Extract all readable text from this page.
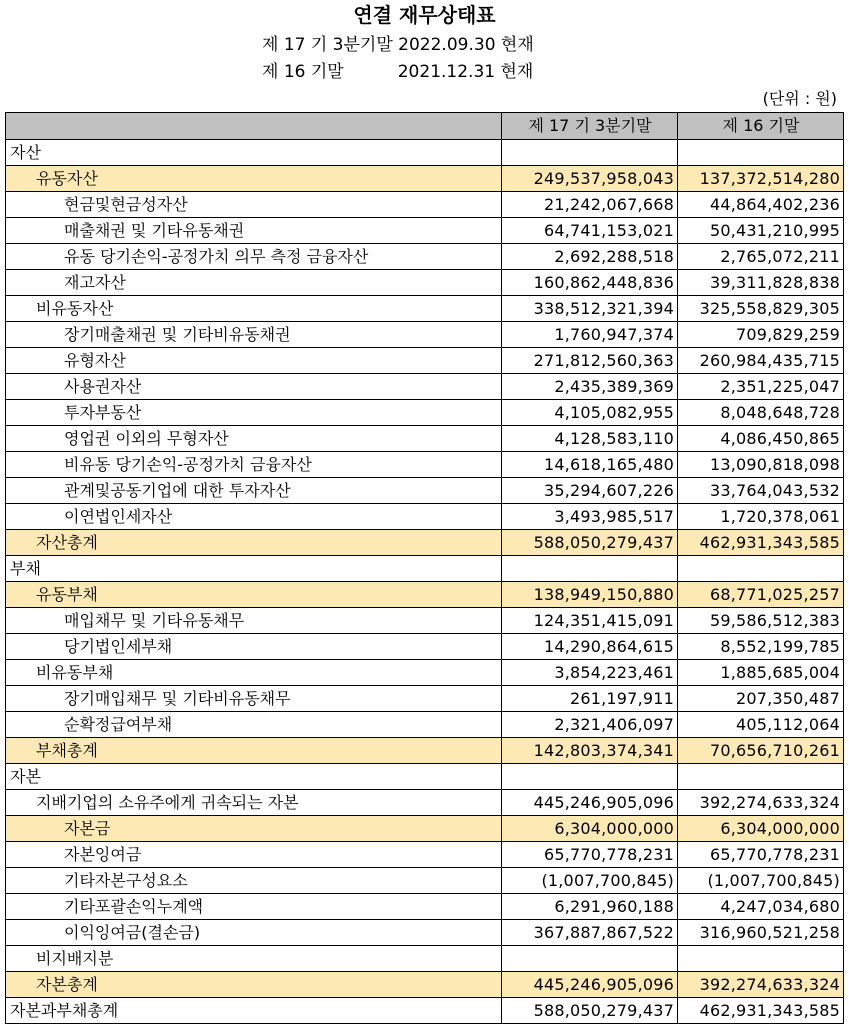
연결 재무상태표
제 17 기 3분기말 2022.09.30 현재
제 16 기말          2021.12.31 현재
(단위 : 원)
	제 17 기 3분기말	제 16 기말
자산		
유동자산	249,537,958,043	137,372,514,280
현금및현금성자산	21,242,067,668	44,864,402,236
매출채권 및 기타유동채권	64,741,153,021	50,431,210,995
유동 당기손익-공정가치 의무 측정 금융자산	2,692,288,518	2,765,072,211
재고자산	160,862,448,836	39,311,828,838
비유동자산	338,512,321,394	325,558,829,305
장기매출채권 및 기타비유동채권	1,760,947,374	709,829,259
유형자산	271,812,560,363	260,984,435,715
사용권자산	2,435,389,369	2,351,225,047
투자부동산	4,105,082,955	8,048,648,728
영업권 이외의 무형자산	4,128,583,110	4,086,450,865
비유동 당기손익-공정가치 금융자산	14,618,165,480	13,090,818,098
관계및공동기업에 대한 투자자산	35,294,607,226	33,764,043,532
이연법인세자산	3,493,985,517	1,720,378,061
자산총계	588,050,279,437	462,931,343,585
부채		
유동부채	138,949,150,880	68,771,025,257
매입채무 및 기타유동채무	124,351,415,091	59,586,512,383
당기법인세부채	14,290,864,615	8,552,199,785
비유동부채	3,854,223,461	1,885,685,004
장기매입채무 및 기타비유동채무	261,197,911	207,350,487
순확정급여부채	2,321,406,097	405,112,064
부채총계	142,803,374,341	70,656,710,261
자본		
지배기업의 소유주에게 귀속되는 자본	445,246,905,096	392,274,633,324
자본금	6,304,000,000	6,304,000,000
자본잉여금	65,770,778,231	65,770,778,231
기타자본구성요소	(1,007,700,845)	(1,007,700,845)
기타포괄손익누계액	6,291,960,188	4,247,034,680
이익잉여금(결손금)	367,887,867,522	316,960,521,258
비지배지분		
자본총계	445,246,905,096	392,274,633,324
자본과부채총계	588,050,279,437	462,931,343,585
